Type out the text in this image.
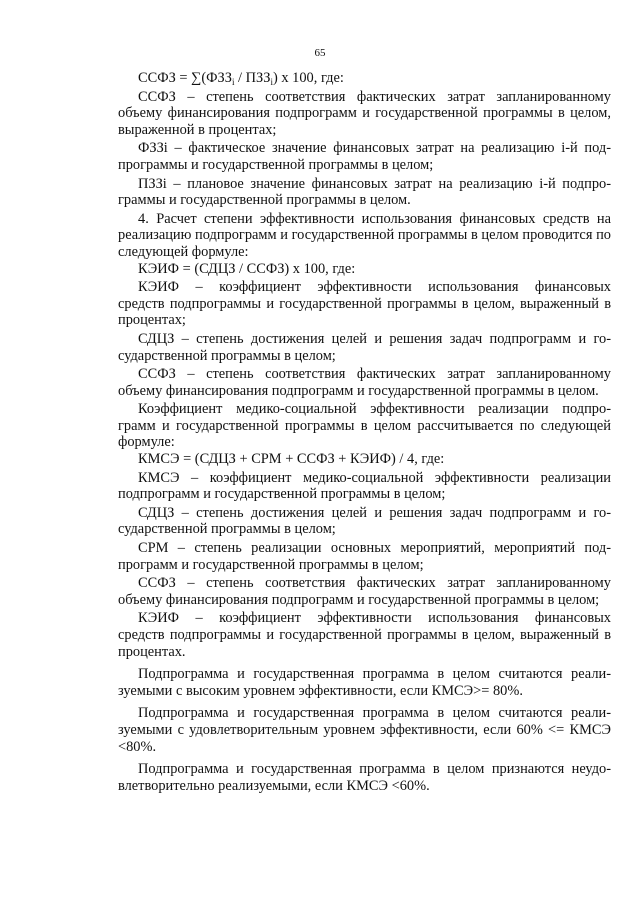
65

ССФЗ = $\sum(ФЗЗ_i / ПЗЗ_i)$ х 100, где:

ССФЗ – степень соответствия фактических затрат запланированному
объему финансирования подпрограмм и государственной программы в целом,
выраженной в процентах;

ФЗЗi – фактическое значение финансовых затрат на реализацию i-й под-
программы и государственной программы в целом;

ПЗЗi – плановое значение финансовых затрат на реализацию i-й подпро-
граммы и государственной программы в целом.

4. Расчет степени эффективности использования финансовых средств на
реализацию подпрограмм и государственной программы в целом проводится по
следующей формуле:

КЭИФ = (СДЦЗ / ССФЗ) х 100, где:

КЭИФ – коэффициент эффективности использования финансовых
средств подпрограммы и государственной программы в целом, выраженный в
процентах;

СДЦЗ – степень достижения целей и решения задач подпрограмм и го-
сударственной программы в целом;

ССФЗ – степень соответствия фактических затрат запланированному
объему финансирования подпрограмм и государственной программы в целом.

Коэффициент медико-социальной эффективности реализации подпро-
грамм и государственной программы в целом рассчитывается по следующей
формуле:

КМСЭ = (СДЦЗ + СРМ + ССФЗ + КЭИФ) / 4, где:

КМСЭ – коэффициент медико-социальной эффективности реализации
подпрограмм и государственной программы в целом;

СДЦЗ – степень достижения целей и решения задач подпрограмм и го-
сударственной программы в целом;

СРМ – степень реализации основных мероприятий, мероприятий под-
программ и государственной программы в целом;

ССФЗ – степень соответствия фактических затрат запланированному
объему финансирования подпрограмм и государственной программы в целом;

КЭИФ – коэффициент эффективности использования финансовых
средств подпрограммы и государственной программы в целом, выраженный в
процентах.

Подпрограмма и государственная программа в целом считаются реали-
зуемыми с высоким уровнем эффективности, если КМСЭ>= 80%.

Подпрограмма и государственная программа в целом считаются реали-
зуемыми с удовлетворительным уровнем эффективности, если 60% <= КМСЭ
<80%.

Подпрограмма и государственная программа в целом признаются неудо-
влетворительно реализуемыми, если КМСЭ <60%.
